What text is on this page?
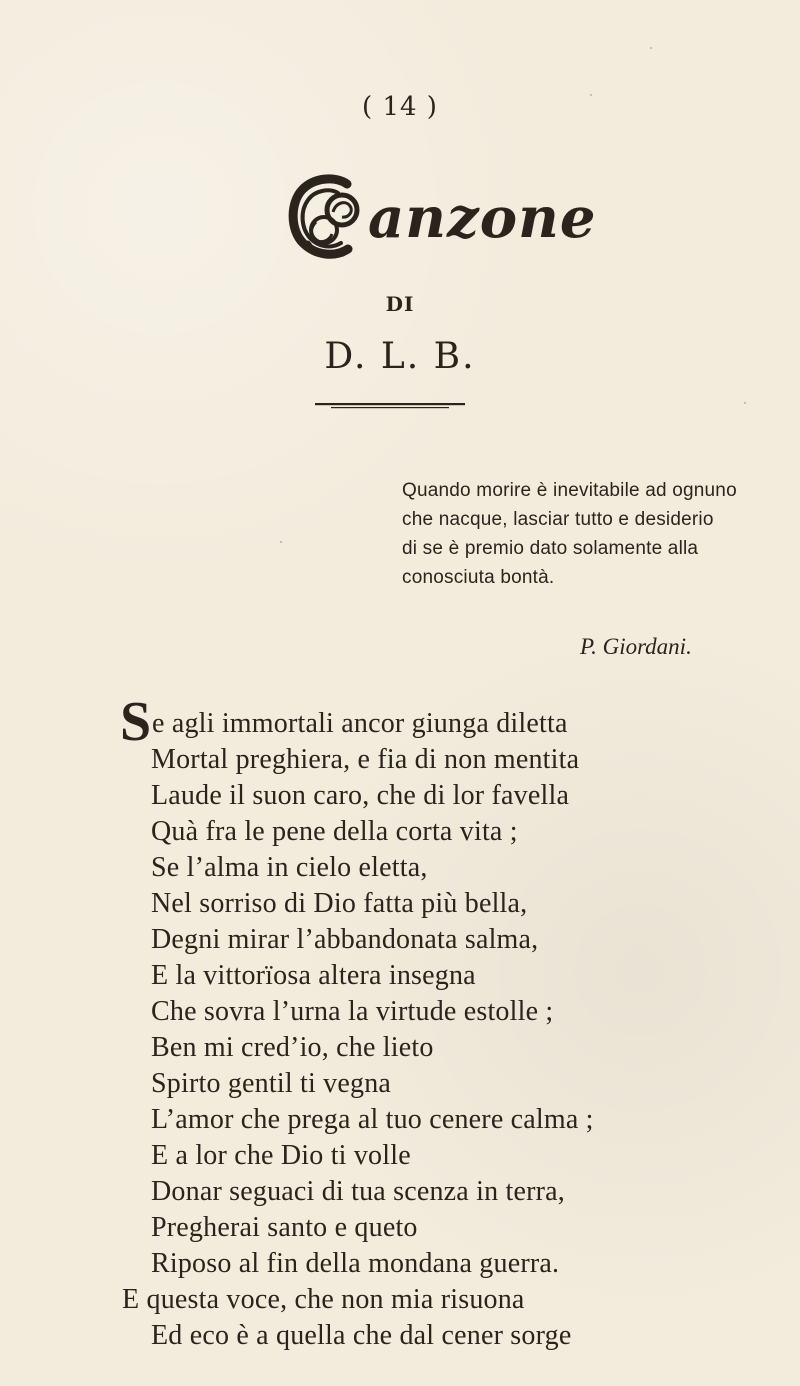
( 14 )
anzone
DI
D. L. B.
Quando morire è inevitabile ad ognuno
che nacque, lasciar tutto e desiderio
di se è premio dato solamente alla
conosciuta bontà.
P. Giordani.
S e agli immortali ancor giunga diletta
Mortal preghiera, e fia di non mentita
Laude il suon caro, che di lor favella
Quà fra le pene della corta vita ;
Se l’alma in cielo eletta,
Nel sorriso di Dio fatta più bella,
Degni mirar l’abbandonata salma,
E la vittorïosa altera insegna
Che sovra l’urna la virtude estolle ;
Ben mi cred’io, che lieto
Spirto gentil ti vegna
L’amor che prega al tuo cenere calma ;
E a lor che Dio ti volle
Donar seguaci di tua scenza in terra,
Pregherai santo e queto
Riposo al fin della mondana guerra.
E questa voce, che non mia risuona
Ed eco è a quella che dal cener sorge
